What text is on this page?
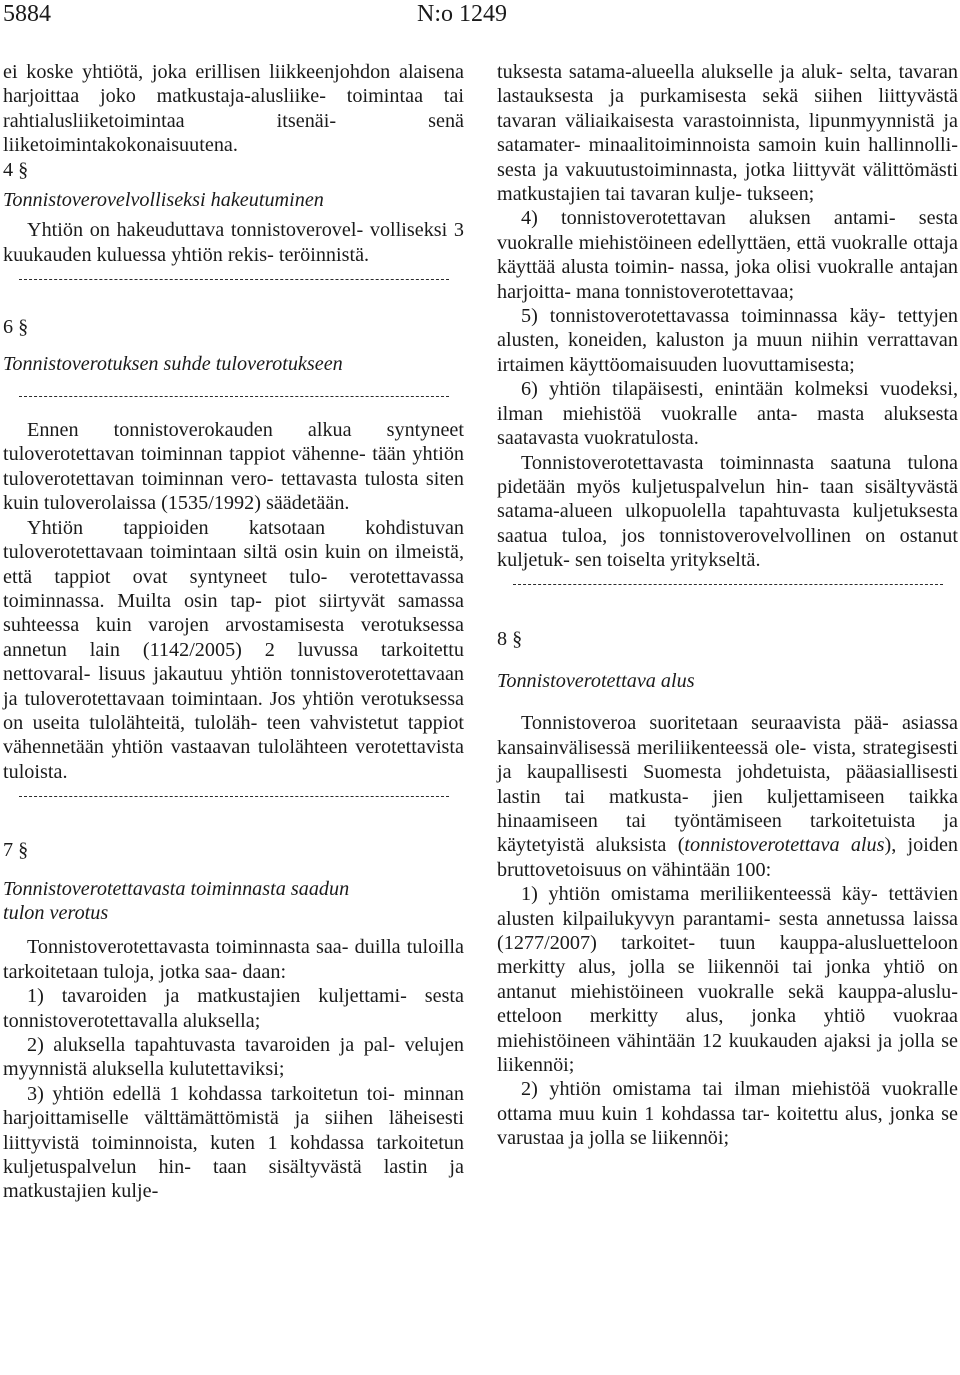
5884	N:o 1249

ei koske yhtiötä, joka erillisen liikkeenjohdon alaisena harjoittaa joko matkustaja-alusliike- toimintaa tai rahtialusliiketoimintaa itsenäi-	senä liiketoimintakokonaisuutena.

4 §

Tonnistoverovelvolliseksi hakeutuminen

Yhtiön on hakeuduttava tonnistoverovel- volliseksi 3 kuukauden kuluessa yhtiön rekis- teröinnistä.

6 §

Tonnistoverotuksen suhde tuloverotukseen

Ennen tonnistoverokauden alkua syntyneet tuloverotettavan toiminnan tappiot vähenne- tään yhtiön tuloverotettavan toiminnan vero- tettavasta tulosta siten kuin tuloverolaissa (1535/1992) säädetään.

Yhtiön tappioiden katsotaan kohdistuvan tuloverotettavaan toimintaan siltä osin kuin on ilmeistä, että tappiot ovat syntyneet tulo- verotettavassa toiminnassa. Muilta osin tap- piot siirtyvät samassa suhteessa kuin varojen arvostamisesta verotuksessa annetun lain (1142/2005) 2 luvussa tarkoitettu nettovaral- lisuus jakautuu yhtiön tonnistoverotettavaan ja tuloverotettavaan toimintaan. Jos yhtiön verotuksessa on useita tulolähteitä, tuloläh- teen vahvistetut tappiot vähennetään yhtiön vastaavan tulolähteen verotettavista tuloista.

7 §

Tonnistoverotettavasta toiminnasta saadun

tulon verotus

Tonnistoverotettavasta toiminnasta saa- duilla tuloilla tarkoitetaan tuloja, jotka saa- daan:

1) tavaroiden ja matkustajien kuljettami- sesta tonnistoverotettavalla aluksella;

2) aluksella tapahtuvasta tavaroiden ja pal- velujen myynnistä aluksella kulutettaviksi;

3) yhtiön edellä 1 kohdassa tarkoitetun toi- minnan harjoittamiselle välttämättömistä ja siihen läheisesti liittyvistä toiminnoista, kuten 1 kohdassa tarkoitetun kuljetuspalvelun hin- taan sisältyvästä lastin ja matkustajien kulje-

tuksesta satama-alueella alukselle ja aluk- selta, tavaran lastauksesta ja purkamisesta sekä siihen liittyvästä tavaran väliaikaisesta varastoinnista, lipunmyynnistä ja satamater- minaalitoiminnoista samoin kuin hallinnolli- sesta ja vakuutustoiminnasta, jotka liittyvät välittömästi matkustajien tai tavaran kulje- tukseen;

4) tonnistoverotettavan aluksen antami- sesta vuokralle miehistöineen edellyttäen, että vuokralle ottaja käyttää alusta toimin- nassa, joka olisi vuokralle antajan harjoitta- mana tonnistoverotettavaa;

5) tonnistoverotettavassa toiminnassa käy- tettyjen alusten, koneiden, kaluston ja muun niihin verrattavan irtaimen käyttöomaisuuden luovuttamisesta;

6) yhtiön tilapäisesti, enintään kolmeksi vuodeksi, ilman miehistöä vuokralle anta- masta aluksesta saatavasta vuokratulosta.

Tonnistoverotettavasta toiminnasta saatuna tulona pidetään myös kuljetuspalvelun hin- taan sisältyvästä satama-alueen ulkopuolella tapahtuvasta kuljetuksesta saatua tuloa, jos tonnistoverovelvollinen on ostanut kuljetuk- sen toiselta yritykseltä.

8 §

Tonnistoverotettava alus

Tonnistoveroa suoritetaan seuraavista pää- asiassa kansainvälisessä meriliikenteessä ole- vista, strategisesti ja kaupallisesti Suomesta johdetuista, pääasiallisesti lastin tai matkusta- jien kuljettamiseen taikka hinaamiseen tai työntämiseen tarkoitetuista ja käytetyistä aluksista (tonnistoverotettava alus), joiden bruttovetoisuus on vähintään 100:

1) yhtiön omistama meriliikenteessä käy- tettävien alusten kilpailukyvyn parantami- sesta annetussa laissa (1277/2007) tarkoitet- tuun kauppa-alusluetteloon merkitty alus, jolla se liikennöi tai jonka yhtiö on antanut miehistöineen vuokralle sekä kauppa-aluslu- etteloon merkitty alus, jonka yhtiö vuokraa miehistöineen vähintään 12 kuukauden ajaksi ja jolla se liikennöi;

2) yhtiön omistama tai ilman miehistöä vuokralle ottama muu kuin 1 kohdassa tar- koitettu alus, jonka se varustaa ja jolla se liikennöi;
